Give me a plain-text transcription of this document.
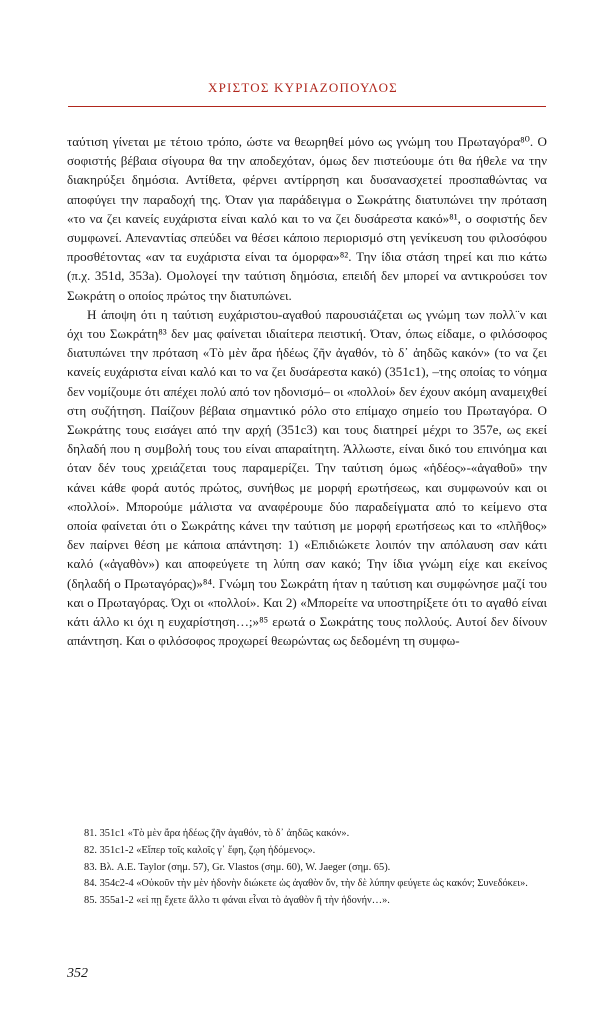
ΧΡΙΣΤΟΣ ΚΥΡΙΑΖΟΠΟΥΛΟΣ

ταύτιση γίνεται με τέτοιο τρόπο, ώστε να θεωρηθεί μόνο ως γνώμη του Πρωταγόρα⁸⁰. Ο σοφιστής βέβαια σίγουρα θα την αποδεχόταν, όμως δεν πιστεύουμε ότι θα ήθελε να την διακηρύξει δημόσια. Αντίθετα, φέρνει αντίρρηση και δυσανασχετεί προσπαθώντας να αποφύγει την παραδοχή της. Όταν για παράδειγμα ο Σωκράτης διατυπώνει την πρόταση «το να ζει κανείς ευχάριστα είναι καλό και το να ζει δυσάρεστα κακό»⁸¹, ο σοφιστής δεν συμφωνεί. Απεναντίας σπεύδει να θέσει κάποιο περιορισμό στη γενίκευση του φιλοσόφου προσθέτοντας «αν τα ευχάριστα είναι τα όμορφα»⁸². Την ίδια στάση τηρεί και πιο κάτω (π.χ. 351d, 353a). Ομολογεί την ταύτιση δημόσια, επειδή δεν μπορεί να αντικρούσει τον Σωκράτη ο οποίος πρώτος την διατυπώνει.

Η άποψη ότι η ταύτιση ευχάριστου-αγαθού παρουσιάζεται ως γνώμη των πολλ¨ν και όχι του Σωκράτη⁸³ δεν μας φαίνεται ιδιαίτερα πειστική. Όταν, όπως είδαμε, ο φιλόσοφος διατυπώνει την πρόταση «Τὸ μὲν ἄρα ἡδέως ζῆν ἀγαθόν, τὸ δ᾿ ἀηδῶς κακόν» (το να ζει κανείς ευχάριστα είναι καλό και το να ζει δυσάρεστα κακό) (351c1), –της οποίας το νόημα δεν νομίζουμε ότι απέχει πολύ από τον ηδονισμό– οι «πολλοί» δεν έχουν ακόμη αναμειχθεί στη συζήτηση. Παίζουν βέβαια σημαντικό ρόλο στο επίμαχο σημείο του Πρωταγόρα. Ο Σωκράτης τους εισάγει από την αρχή (351c3) και τους διατηρεί μέχρι το 357e, ως εκεί δηλαδή που η συμβολή τους του είναι απαραίτητη. Άλλωστε, είναι δικό του επινόημα και όταν δέν τους χρειάζεται τους παραμερίζει. Την ταύτιση όμως «ἡδέος»-«ἀγαθοῦ» την κάνει κάθε φορά αυτός πρώτος, συνήθως με μορφή ερωτήσεως, και συμφωνούν και οι «πολλοί». Μπορούμε μάλιστα να αναφέρουμε δύο παραδείγματα από το κείμενο στα οποία φαίνεται ότι ο Σωκράτης κάνει την ταύτιση με μορφή ερωτήσεως και το «πλῆθος» δεν παίρνει θέση με κάποια απάντηση: 1) «Επιδιώκετε λοιπόν την απόλαυση σαν κάτι καλό («ἀγαθὸν») και αποφεύγετε τη λύπη σαν κακό; Την ίδια γνώμη είχε και εκείνος (δηλαδή ο Πρωταγόρας)»⁸⁴. Γνώμη του Σωκράτη ήταν η ταύτιση και συμφώνησε μαζί του και ο Πρωταγόρας. Όχι οι «πολλοί». Και 2) «Μπορείτε να υποστηρίξετε ότι το αγαθό είναι κάτι άλλο κι όχι η ευχαρίστηση…;»⁸⁵ ερωτά ο Σωκράτης τους πολλούς. Αυτοί δεν δίνουν απάντηση. Και ο φιλόσοφος προχωρεί θεωρώντας ως δεδομένη τη συμφω-

81. 351c1 «Τὸ μὲν ἄρα ἡδέως ζῆν ἀγαθόν, τὸ δ᾿ ἀηδῶς κακόν».

82. 351c1-2 «Εἴπερ τοῖς καλοῖς γ᾿ ἔφη, ζῳη ἡδόμενος».

83. Βλ. A.E. Taylor (σημ. 57), Gr. Vlastos (σημ. 60), W. Jaeger (σημ. 65).

84. 354c2-4 «Οὐκοῦν τὴν μὲν ἡδονὴν διώκετε ὡς ἀγαθὸν ὄν, τὴν δὲ λύπην φεύγετε ὡς κακόν; Συνεδόκει».

85. 355a1-2 «εἰ πῃ ἔχετε ἄλλο τι φάναι εἶναι τὸ ἀγαθὸν ἢ τὴν ἡδονήν…».

352
